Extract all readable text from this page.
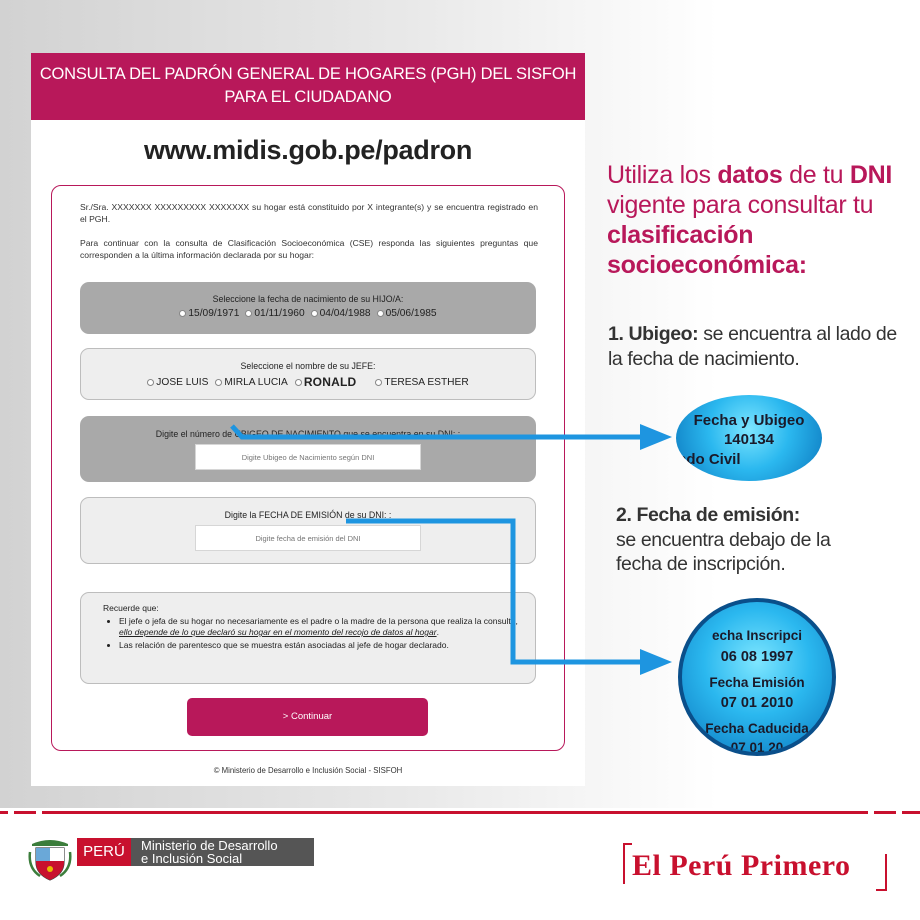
CONSULTA DEL PADRÓN GENERAL DE HOGARES (PGH) DEL SISFOH
PARA EL CIUDADANO
www.midis.gob.pe/padron

Sr./Sra. XXXXXXX XXXXXXXXX XXXXXXX su hogar está constituido por X integrante(s) y se encuentra registrado en el PGH.

Para continuar con la consulta de Clasificación Socioeconómica (CSE) responda las siguientes preguntas que corresponden a la última información declarada por su hogar:

Seleccione la fecha de nacimiento de su HIJO/A:
15/09/1971 01/11/1960 04/04/1988 05/06/1985
Seleccione el nombre de su JEFE:
JOSE LUIS MIRLA LUCIA RONALD	TERESA ESTHER
Digite el número de UBIGEO DE NACIMIENTO que se encuentra en su DNI: :
Digite Ubigeo de Nacimiento según DNI
Digite la FECHA DE EMISIÓN de su DNI: :
Digite fecha de emisión del DNI
Recuerde que:
• El jefe o jefa de su hogar no necesariamente es el padre o la madre de la persona que realiza la consulta, ello depende de lo que declaró su hogar en el momento del recojo de datos al hogar.
• Las relación de parentesco que se muestra están asociadas al jefe de hogar declarado.
> Continuar
© Ministerio de Desarrollo e Inclusión Social - SISFOH
Utiliza los datos de tu DNI vigente para consultar tu clasificación socioeconómica:
1. Ubigeo: se encuentra al lado de la fecha de nacimiento.
2. Fecha de emisión:
se encuentra debajo de la fecha de inscripción.
Fecha y Ubigeo
140134
ado Civil
echa Inscripci
06 08 1997
Fecha Emisión
07 01 2010
Fecha Caducida
07 01 20
PERÚ	Ministerio de Desarrollo
e Inclusión Social	El Perú Primero
